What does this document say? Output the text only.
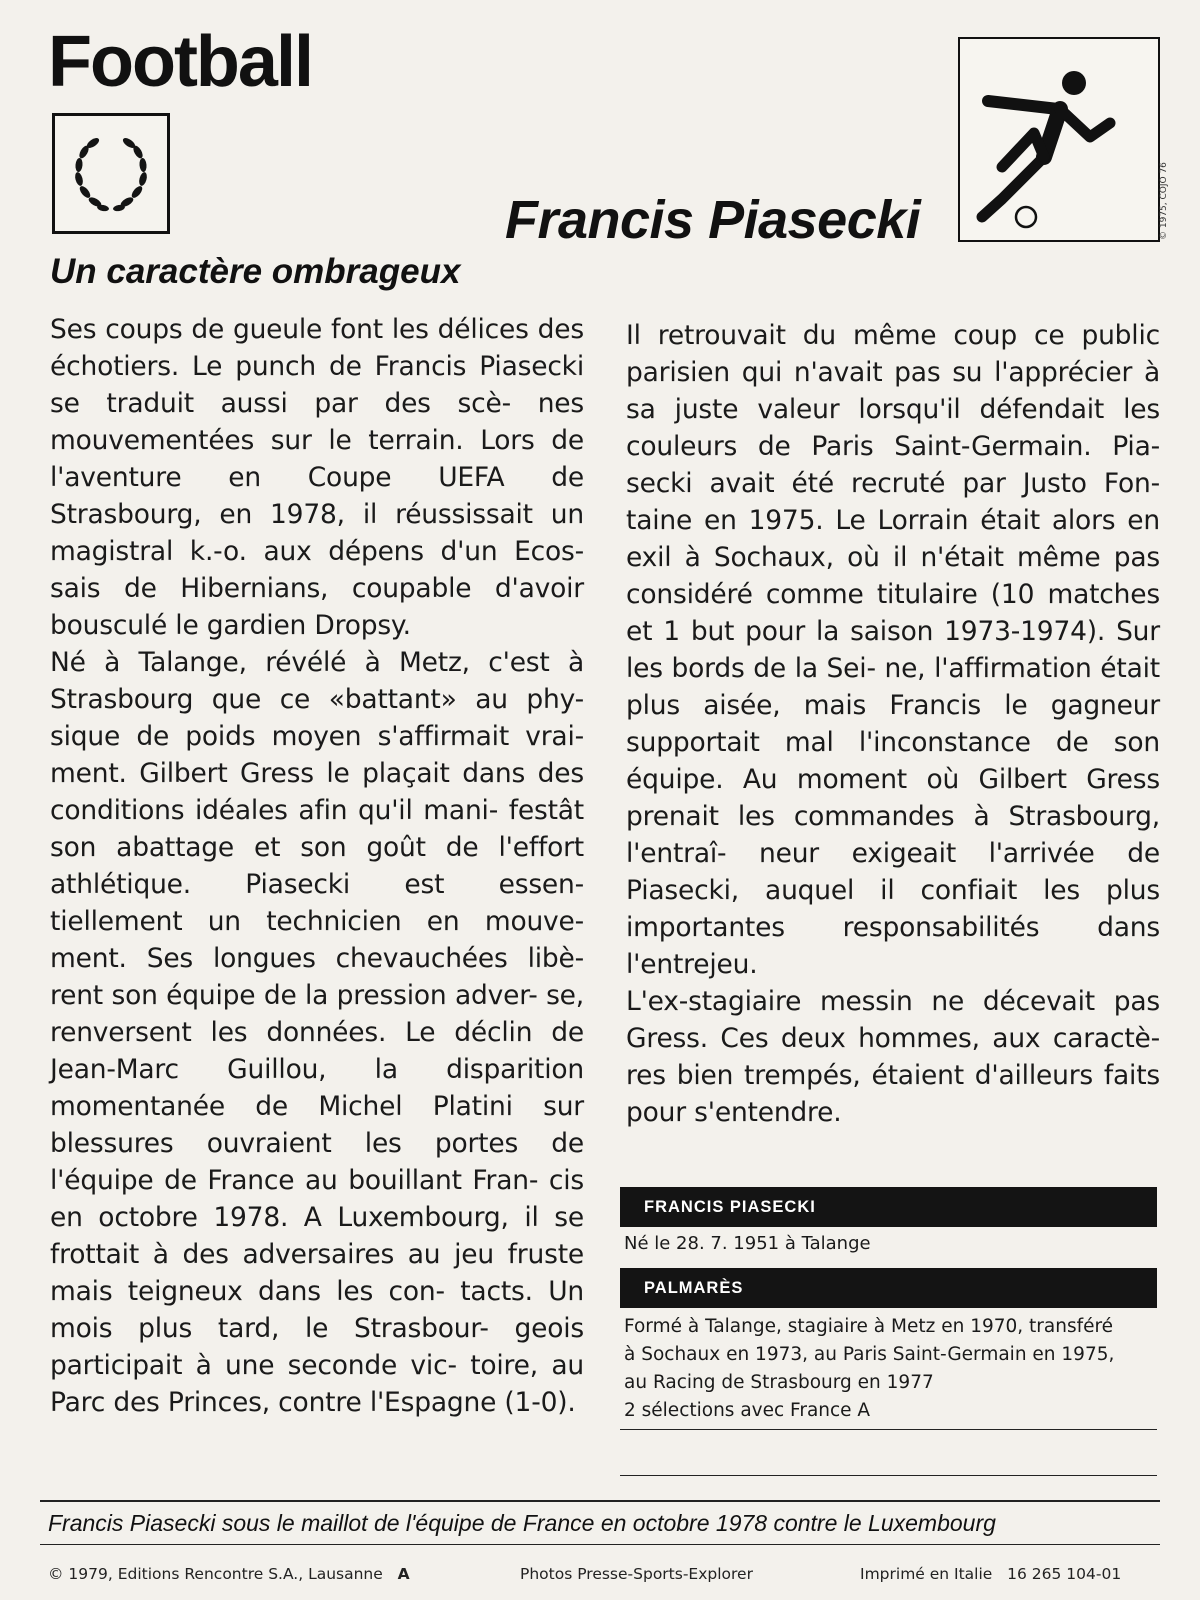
Football
© 1975, COJO 76
Francis Piasecki
Un caractère ombrageux

Ses coups de gueule font les délices des échotiers. Le punch de Francis Piasecki se traduit aussi par des scè- nes mouvementées sur le terrain. Lors de l'aventure en Coupe UEFA de Strasbourg, en 1978, il réussissait un magistral k.-o. aux dépens d'un Ecos- sais de Hibernians, coupable d'avoir bousculé le gardien Dropsy.

Né à Talange, révélé à Metz, c'est à Strasbourg que ce «battant» au phy- sique de poids moyen s'affirmait vrai- ment. Gilbert Gress le plaçait dans des conditions idéales afin qu'il mani- festât son abattage et son goût de l'effort athlétique. Piasecki est essen- tiellement un technicien en mouve- ment. Ses longues chevauchées libè- rent son équipe de la pression adver- se, renversent les données. Le déclin de Jean-Marc Guillou, la disparition momentanée de Michel Platini sur blessures ouvraient les portes de l'équipe de France au bouillant Fran- cis en octobre 1978. A Luxembourg, il se frottait à des adversaires au jeu fruste mais teigneux dans les con- tacts. Un mois plus tard, le Strasbour- geois participait à une seconde vic- toire, au Parc des Princes, contre l'Espagne (1-0).

Il retrouvait du même coup ce public parisien qui n'avait pas su l'apprécier à sa juste valeur lorsqu'il défendait les couleurs de Paris Saint-Germain. Pia- secki avait été recruté par Justo Fon- taine en 1975. Le Lorrain était alors en exil à Sochaux, où il n'était même pas considéré comme titulaire (10 matches et 1 but pour la saison 1973-1974). Sur les bords de la Sei- ne, l'affirmation était plus aisée, mais Francis le gagneur supportait mal l'inconstance de son équipe. Au moment où Gilbert Gress prenait les commandes à Strasbourg, l'entraî- neur exigeait l'arrivée de Piasecki, auquel il confiait les plus importantes responsabilités dans l'entrejeu.

L'ex-stagiaire messin ne décevait pas Gress. Ces deux hommes, aux caractè- res bien trempés, étaient d'ailleurs faits pour s'entendre.

FRANCIS PIASECKI
Né le 28. 7. 1951 à Talange
PALMARÈS
Formé à Talange, stagiaire à Metz en 1970, transféré
à Sochaux en 1973, au Paris Saint-Germain en 1975,
au Racing de Strasbourg en 1977
2 sélections avec France A
Francis Piasecki sous le maillot de l'équipe de France en octobre 1978 contre le Luxembourg
© 1979, Editions Rencontre S.A., Lausanne A	Photos Presse-Sports-Explorer	Imprimé en Italie 16 265 104-01
